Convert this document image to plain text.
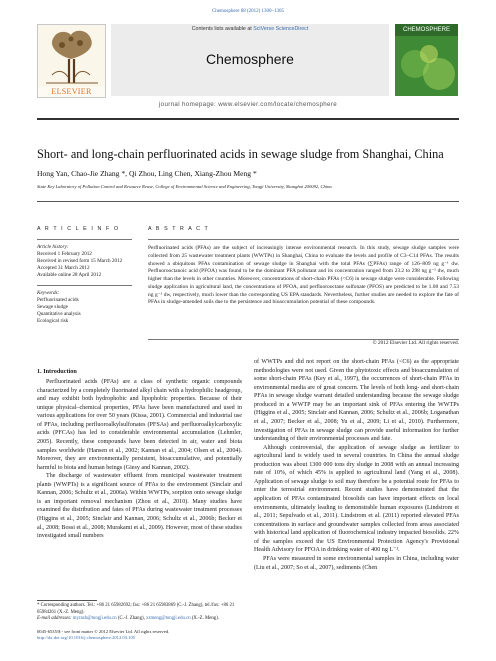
Chemosphere 88 (2012) 1300–1305
ELSEVIER
Contents lists available at SciVerse ScienceDirect
Chemosphere
CHEMOSPHERE
journal homepage: www.elsevier.com/locate/chemosphere
Short- and long-chain perfluorinated acids in sewage sludge from Shanghai, China
Hong Yan, Chao-Jie Zhang *, Qi Zhou, Ling Chen, Xiang-Zhou Meng *
State Key Laboratory of Pollution Control and Resource Reuse, College of Environmental Science and Engineering, Tongji University, Shanghai 200092, China
A R T I C L E I N F O
Article history:
Received 1 February 2012
Received in revised form 15 March 2012
Accepted 31 March 2012
Available online 28 April 2012
Keywords:
Perfluorinated acids
Sewage sludge
Quantitative analysis
Ecological risk
A B S T R A C T
Perfluorinated acids (PFAs) are the subject of increasingly intense environmental research. In this study, sewage sludge samples were collected from 25 wastewater treatment plants (WWTPs) in Shanghai, China to evaluate the levels and profile of C3–C14 PFAs. The results showed a ubiquitous PFAs contamination of sewage sludge in Shanghai with the total PFAs (∑PFAs) range of 126–809 ng g⁻¹ dw. Perfluorooctanoic acid (PFOA) was found to be the dominant PFA pollutant and its concentration ranged from 23.2 to 298 ng g⁻¹ dw, much higher than the levels in other countries. Moreover, concentrations of short-chain PFAs (<C6) in sewage sludge were considerable. Following sludge application in agricultural land, the concentrations of PFOA, and perfluorooctane sulfonate (PFOS) are predicted to be 1.08 and 7.53 ng g⁻¹ dw, respectively, much lower than the corresponding US EPA standards. Nevertheless, further studies are needed to explore the fate of PFAs in sludge-amended soils due to the persistence and bioaccumulation potential of these compounds.
© 2012 Elsevier Ltd. All rights reserved.
1. Introduction

Perfluorinated acids (PFAs) are a class of synthetic organic compounds characterized by a completely fluorinated alkyl chain with a hydrophilic headgroup, and may exhibit both hydrophobic and lipophobic properties. Because of their unique physical–chemical properties, PFAs have been manufactured and used in various applications for over 50 years (Kissa, 2001). Commercial and industrial use of PFAs, including perfluoroalkylsulfonates (PFSAs) and perfluoroalkylcarboxylic acids (PFCAs) has led to considerable environmental accumulation (Lehmler, 2005). Recently, these compounds have been detected in air, water and biota samples worldwide (Hansen et al., 2002; Kannan et al., 2004; Olsen et al., 2004). Moreover, they are environmentally persistent, bioaccumulative, and potentially harmful to biota and human beings (Giesy and Kannan, 2002).

The discharge of wastewater effluent from municipal wastewater treatment plants (WWPTs) is a significant source of PFAs to the environment (Sinclair and Kannan, 2006; Schultz et al., 2006a). Within WWTPs, sorption onto sewage sludge is an important removal mechanism (Zhou et al., 2010). Many studies have examined the distribution and fates of PFAs during wastewater treatment processes (Higgins et al., 2005; Sinclair and Kannan, 2006; Schultz et al., 2006b; Becker et al., 2008; Bossi et al., 2008; Murakami et al., 2009). However, most of these studies investigated small numbers

of WWTPs and did not report on the short-chain PFAs (<C6) as the appropriate methodologies were not used. Given the phytotoxic effects and bioaccumulation of some short-chain PFAs (Key et al., 1997), the occurrences of short-chain PFAs in environmental media are of great concern. The levels of both long- and short-chain PFAs in sewage sludge warrant detailed understanding because the sewage sludge produced in a WWTP may be an important sink of PFAs entering the WWTPs (Higgins et al., 2005; Sinclair and Kannan, 2006; Schultz et al., 2006b; Loganathan et al., 2007; Becker et al., 2008; Yu et al., 2009; Li et al., 2010). Furthermore, investigation of PFAs in sewage sludge can provide useful information for further understanding of their environmental processes and fate.

Although controversial, the application of sewage sludge as fertilizer to agricultural land is widely used in several countries. In China the annual sludge production was about 1300 000 tons dry sludge in 2008 with an annual increasing rate of 10%, of which 45% is applied to agricultural land (Yang et al., 2008). Application of sewage sludge to soil may therefore be a potential route for PFAs to enter the terrestrial environment. Recent studies have demonstrated that the application of PFAs contaminated biosolids can have important effects on local environments, ultimately leading to demonstrable human exposures (Lindstrom et al., 2011; Sepulvado et al., 2011). Lindstrom et al. (2011) reported elevated PFAs concentrations in surface and groundwater samples collected from areas associated with historical land application of fluorochemical industry impacted biosolids. 22% of the samples exceed the US Environmental Protection Agency's Provisional Health Advisory for PFOA in drinking water of 400 ng L⁻¹.

PFAs were measured in some environmental samples in China, including water (Liu et al., 2007; So et al., 2007), sediments (Chen

* Corresponding authors. Tel.: +86 21 65982692; fax: +86 21 65983869 (C.-J. Zhang), tel./fax: +86 21 65984261 (X.-Z. Meng).
E-mail addresses: myrazh@tongji.edu.cn (C.-J. Zhang), xzmeng@tongji.edu.cn (X.-Z. Meng).
0045-6535/$ - see front matter © 2012 Elsevier Ltd. All rights reserved.
http://dx.doi.org/10.1016/j.chemosphere.2012.03.105
